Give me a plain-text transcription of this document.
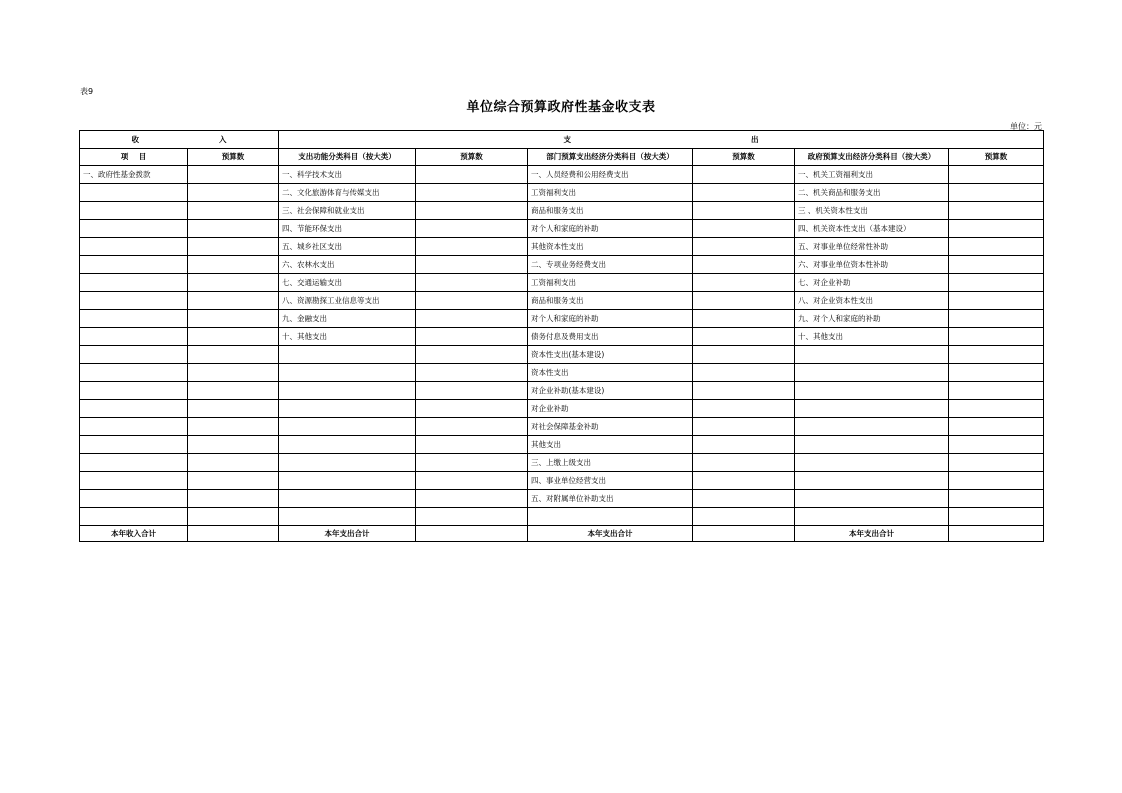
表9
单位综合预算政府性基金收支表
单位：元
收 入		支 出					
项    目	预算数	支出功能分类科目（按大类）	预算数	部门预算支出经济分类科目（按大类）	预算数	政府预算支出经济分类科目（按大类）	预算数
一、政府性基金拨款		一、科学技术支出		一、人员经费和公用经费支出		一、机关工资福利支出	
		二、文化旅游体育与传媒支出		工资福利支出		二、机关商品和服务支出	
		三、社会保障和就业支出		商品和服务支出		三 、机关资本性支出	
		四、节能环保支出		对个人和家庭的补助		四、机关资本性支出（基本建设）	
		五、城乡社区支出		其他资本性支出		五、对事业单位经常性补助	
		六、农林水支出		二、专项业务经费支出		六、对事业单位资本性补助	
		七、交通运输支出		工资福利支出		七、对企业补助	
		八、资源勘探工业信息等支出		商品和服务支出		八、对企业资本性支出	
		九、金融支出		对个人和家庭的补助		九、对个人和家庭的补助	
		十、其他支出		债务付息及费用支出		十、其他支出	
				资本性支出(基本建设)			
				资本性支出			
				对企业补助(基本建设)			
				对企业补助			
				对社会保障基金补助			
				其他支出			
				三、上缴上级支出			
				四、事业单位经营支出			
				五、对附属单位补助支出			

本年收入合计		本年支出合计		本年支出合计		本年支出合计	
